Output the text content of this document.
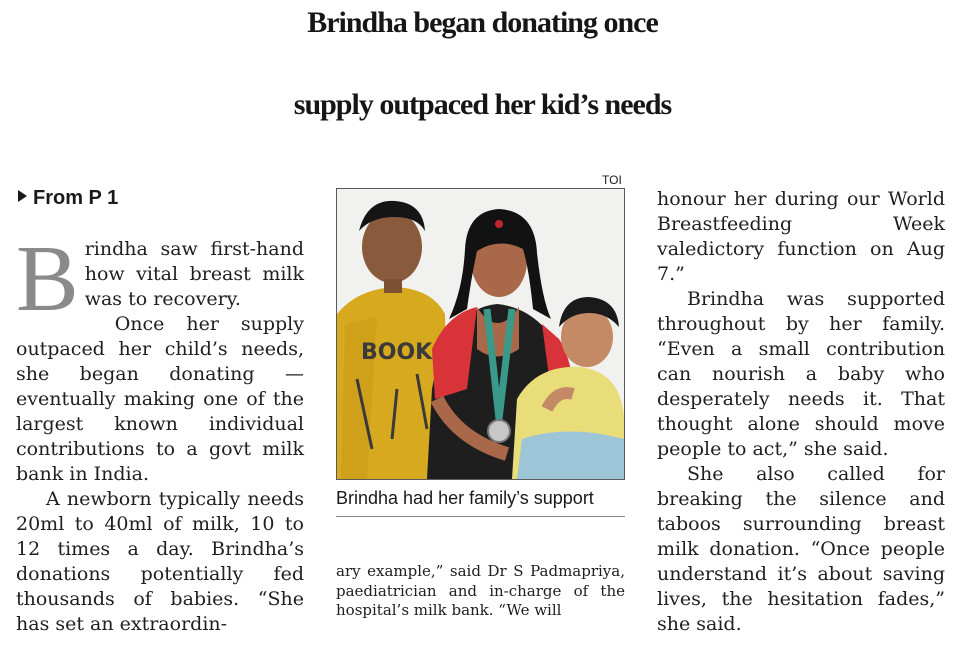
Brindha began donating once
supply outpaced her kid’s needs
From P 1

Brindha saw first-hand how vital breast milk was to recovery.

Once her supply outpaced her child’s needs, she began donating — eventually making one of the largest known individual contributions to a govt milk bank in India.

A newborn typically needs 20ml to 40ml of milk, 10 to 12 times a day. Brindha’s donations potentially fed thousands of babies. “She has set an extraordin-

TOI
BOOK
Brindha had her family’s support

ary example,” said Dr S Padmapriya, paediatrician and in-charge of the hospital’s milk bank. “We will

honour her during our World Breastfeeding Week valedictory function on Aug 7.”

Brindha was supported throughout by her family. “Even a small contribution can nourish a baby who desperately needs it. That thought alone should move people to act,” she said.

She also called for breaking the silence and taboos surrounding breast milk donation. “Once people understand it’s about saving lives, the hesitation fades,” she said.
